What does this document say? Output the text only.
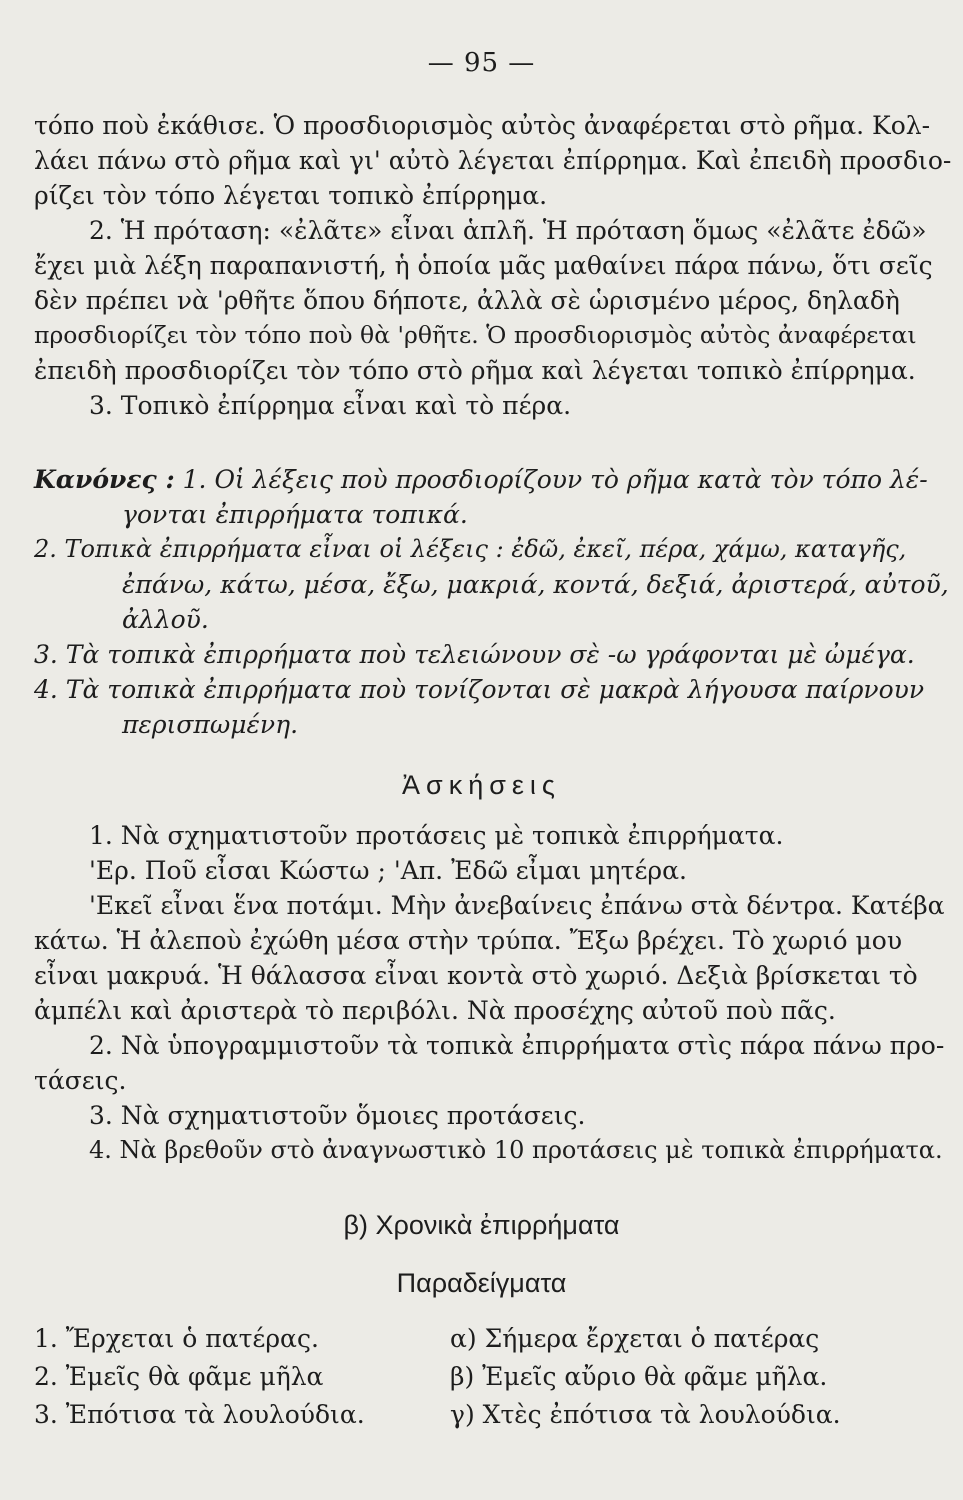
— 95 —
τόπο ποὺ ἐκάθισε. Ὁ προσδιορισμὸς αὐτὸς ἀναφέρεται στὸ ρῆμα. Κολ-
λάει πάνω στὸ ρῆμα καὶ γι' αὐτὸ λέγεται ἐπίρρημα. Καὶ ἐπειδὴ προσδιο-
ρίζει τὸν τόπο λέγεται τοπικὸ ἐπίρρημα.
2. Ἡ πρόταση: «ἐλᾶτε» εἶναι ἁπλῆ. Ἡ πρόταση ὅμως «ἐλᾶτε ἐδῶ»
ἔχει μιὰ λέξη παραπανιστή, ἡ ὁποία μᾶς μαθαίνει πάρα πάνω, ὅτι σεῖς
δὲν πρέπει νὰ 'ρθῆτε ὅπου δήποτε, ἀλλὰ σὲ ὡρισμένο μέρος, δηλαδὴ
προσδιορίζει τὸν τόπο ποὺ θὰ 'ρθῆτε. Ὁ προσδιορισμὸς αὐτὸς ἀναφέρεται
ἐπειδὴ προσδιορίζει τὸν τόπο στὸ ρῆμα καὶ λέγεται τοπικὸ ἐπίρρημα.
3. Τοπικὸ ἐπίρρημα εἶναι καὶ τὸ πέρα.
Κανόνες : 1. Οἱ λέξεις ποὺ προσδιορίζουν τὸ ρῆμα κατὰ τὸν τόπο λέ-
γονται ἐπιρρήματα τοπικά.
2. Τοπικὰ ἐπιρρήματα εἶναι οἱ λέξεις : ἐδῶ, ἐκεῖ, πέρα, χάμω, καταγῆς,
ἐπάνω, κάτω, μέσα, ἔξω, μακριά, κοντά, δεξιά, ἀριστερά, αὐτοῦ,
ἀλλοῦ.
3. Τὰ τοπικὰ ἐπιρρήματα ποὺ τελειώνουν σὲ -ω γράφονται μὲ ὠμέγα.
4. Τὰ τοπικὰ ἐπιρρήματα ποὺ τονίζονται σὲ μακρὰ λήγουσα παίρνουν
περισπωμένη.
Ἀσκήσεις
1. Νὰ σχηματιστοῦν προτάσεις μὲ τοπικὰ ἐπιρρήματα.
'Ερ. Ποῦ εἶσαι Κώστω ; 'Απ. Ἐδῶ εἶμαι μητέρα.
'Εκεῖ εἶναι ἕνα ποτάμι. Μὴν ἀνεβαίνεις ἐπάνω στὰ δέντρα. Κατέβα
κάτω. Ἡ ἀλεποὺ ἐχώθη μέσα στὴν τρύπα. Ἔξω βρέχει. Τὸ χωριό μου
εἶναι μακρυά. Ἡ θάλασσα εἶναι κοντὰ στὸ χωριό. Δεξιὰ βρίσκεται τὸ
ἀμπέλι καὶ ἀριστερὰ τὸ περιβόλι. Νὰ προσέχης αὐτοῦ ποὺ πᾶς.
2. Νὰ ὑπογραμμιστοῦν τὰ τοπικὰ ἐπιρρήματα στὶς πάρα πάνω προ-
τάσεις.
3. Νὰ σχηματιστοῦν ὅμοιες προτάσεις.
4. Νὰ βρεθοῦν στὸ ἀναγνωστικὸ 10 προτάσεις μὲ τοπικὰ ἐπιρρήματα.
β) Χρονικὰ ἐπιρρήματα
Παραδείγματα
1. Ἔρχεται ὁ πατέρας.
2. Ἐμεῖς θὰ φᾶμε μῆλα
3. Ἐπότισα τὰ λουλούδια.
α) Σήμερα ἔρχεται ὁ πατέρας
β) Ἐμεῖς αὔριο θὰ φᾶμε μῆλα.
γ) Χτὲς ἐπότισα τὰ λουλούδια.
